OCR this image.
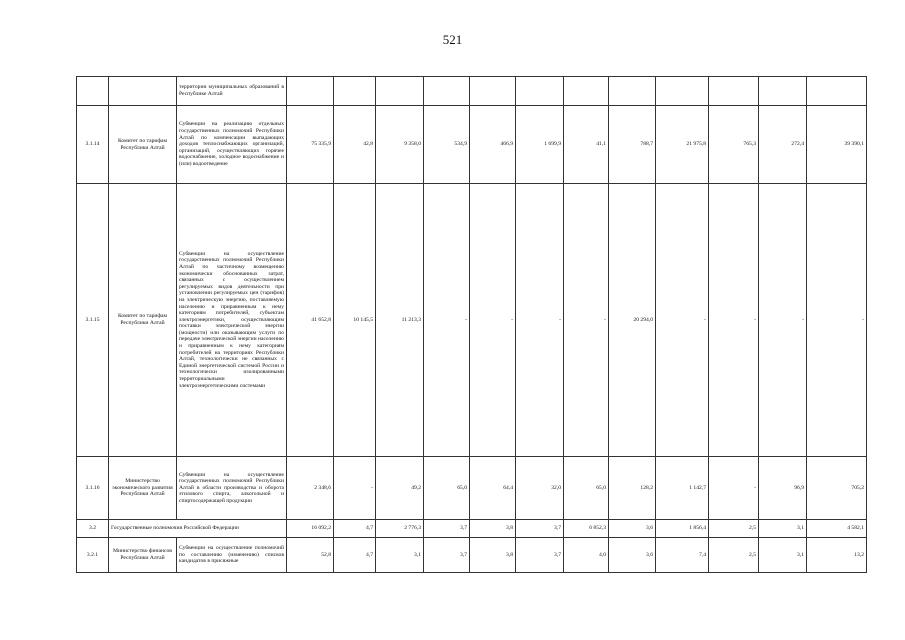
521
		территории муниципальных образований в Республике Алтай												
3.1.14	Комитет по тарифам Республики Алтай	Субвенции на реализацию отдельных государственных полномочий Республики Алтай по компенсации выпадающих доходов теплоснабжающих организаций, организаций, осуществляющих горячее водоснабжение, холодное водоснабжение и (или) водоотведение	75 335,9	42,8	9 358,0	534,9	466,9	1 699,9	41,1	788,7	21 975,8	765,3	272,4	39 390,1
3.1.15	Комитет по тарифам Республики Алтай	Субвенции на осуществление государственных полномочий Республики Алтай по частичному возмещению экономически обоснованных затрат, связанных с осуществлением регулируемых видов деятельности при установлении регулируемых цен (тарифов) на электрическую энергию, поставляемую населению и приравненным к нему категориям потребителей, субъектам электроэнергетики, осуществляющим поставки электрической энергии (мощности) или оказывающим услуги по передаче электрической энергии населению и приравненным к нему категориям потребителей на территориях Республики Алтай, технологически не связанных с Единой энергетической системой России и технологически изолированными территориальными электроэнергетическими системами	41 652,8	10 145,5	11 213,3	-	-	-	-	20 294,0	-	-	-	-
3.1.16	Министерство экономического развития Республики Алтай	Субвенции на осуществление государственных полномочий Республики Алтай в области производства и оборота этилового спирта, алкогольной и спиртосодержащей продукции	2 348,6	-	49,2	65,0	64,4	32,0	65,0	128,2	1 142,7	-	96,9	705,2
3.2	Государственные полномочия Российской Федерации		16 092,2	4,7	2 776,3	3,7	3,8	3,7	6 852,3	3,6	1 856,4	2,5	3,1	4 582,1
3.2.1	Министерство финансов Республики Алтай	Субвенции на осуществление полномочий по составлению (изменению) списков кандидатов в присяжные	52,8	4,7	3,1	3,7	3,8	3,7	4,0	3,6	7,4	2,5	3,1	13,2
